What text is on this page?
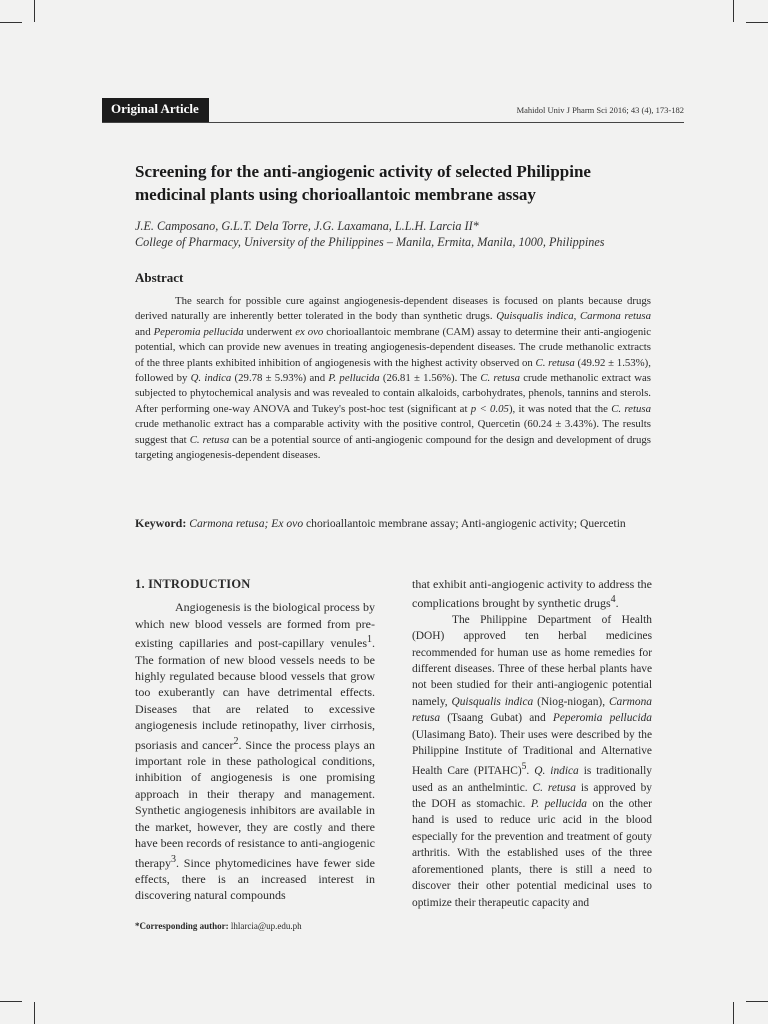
Original Article	Mahidol Univ J Pharm Sci 2016; 43 (4), 173-182
Screening for the anti-angiogenic activity of selected Philippine medicinal plants using chorioallantoic membrane assay
J.E. Camposano, G.L.T. Dela Torre, J.G. Laxamana, L.L.H. Larcia II*
College of Pharmacy, University of the Philippines – Manila, Ermita, Manila, 1000, Philippines
Abstract

The search for possible cure against angiogenesis-dependent diseases is focused on plants because drugs derived naturally are inherently better tolerated in the body than synthetic drugs. Quisqualis indica, Carmona retusa and Peperomia pellucida underwent ex ovo chorioallantoic membrane (CAM) assay to determine their anti-angiogenic potential, which can provide new avenues in treating angiogenesis-dependent diseases. The crude methanolic extracts of the three plants exhibited inhibition of angiogenesis with the highest activity observed on C. retusa (49.92 ± 1.53%), followed by Q. indica (29.78 ± 5.93%) and P. pellucida (26.81 ± 1.56%). The C. retusa crude methanolic extract was subjected to phytochemical analysis and was revealed to contain alkaloids, carbohydrates, phenols, tannins and sterols. After performing one-way ANOVA and Tukey's post-hoc test (significant at p < 0.05), it was noted that the C. retusa crude methanolic extract has a comparable activity with the positive control, Quercetin (60.24 ± 3.43%). The results suggest that C. retusa can be a potential source of anti-angiogenic compound for the design and development of drugs targeting angiogenesis-dependent diseases.

Keyword: Carmona retusa; Ex ovo chorioallantoic membrane assay; Anti-angiogenic activity; Quercetin
1. INTRODUCTION

Angiogenesis is the biological process by which new blood vessels are formed from pre-existing capillaries and post-capillary venules$^1$. The formation of new blood vessels needs to be highly regulated because blood vessels that grow too exuberantly can have detrimental effects. Diseases that are related to excessive angiogenesis include retinopathy, liver cirrhosis, psoriasis and cancer$^2$. Since the process plays an important role in these pathological conditions, inhibition of angiogenesis is one promising approach in their therapy and management. Synthetic angiogenesis inhibitors are available in the market, however, they are costly and there have been records of resistance to anti-angiogenic therapy$^3$. Since phytomedicines have fewer side effects, there is an increased interest in discovering natural compounds

that exhibit anti-angiogenic activity to address the complications brought by synthetic drugs$^4$.

The Philippine Department of Health (DOH) approved ten herbal medicines recommended for human use as home remedies for different diseases. Three of these herbal plants have not been studied for their anti-angiogenic potential namely, Quisqualis indica (Niog-niogan), Carmona retusa (Tsaang Gubat) and Peperomia pellucida (Ulasimang Bato). Their uses were described by the Philippine Institute of Traditional and Alternative Health Care (PITAHC)$^5$. Q. indica is traditionally used as an anthelmintic. C. retusa is approved by the DOH as stomachic. P. pellucida on the other hand is used to reduce uric acid in the blood especially for the prevention and treatment of gouty arthritis. With the established uses of the three aforementioned plants, there is still a need to discover their other potential medicinal uses to optimize their therapeutic capacity and

*Corresponding author: lhlarcia@up.edu.ph
